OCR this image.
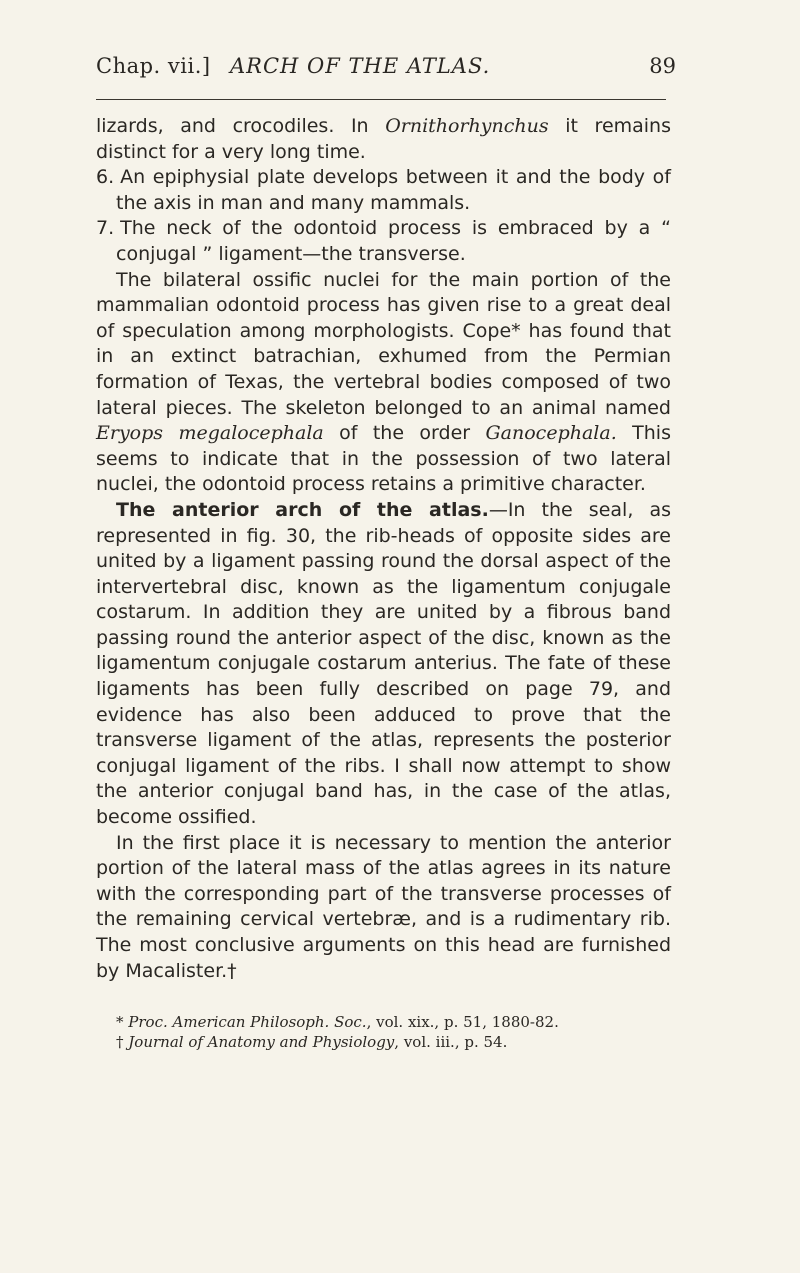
Chap. vii.] ARCH OF THE ATLAS.	89

lizards, and crocodiles. In Ornithorhynchus it remains distinct for a very long time.

6. An epiphysial plate develops between it and the body of the axis in man and many mammals.
7. The neck of the odontoid process is embraced by a “ conjugal ” ligament—the transverse.

The bilateral ossific nuclei for the main portion of the mammalian odontoid process has given rise to a great deal of speculation among morphologists. Cope* has found that in an extinct batrachian, exhumed from the Permian formation of Texas, the vertebral bodies composed of two lateral pieces. The skeleton belonged to an animal named Eryops megalocephala of the order Ganocephala. This seems to indicate that in the possession of two lateral nuclei, the odontoid process retains a primitive character.

The anterior arch of the atlas.—In the seal, as represented in fig. 30, the rib-heads of opposite sides are united by a ligament passing round the dorsal aspect of the intervertebral disc, known as the ligamentum conjugale costarum. In addition they are united by a fibrous band passing round the anterior aspect of the disc, known as the ligamentum conjugale costarum anterius. The fate of these ligaments has been fully described on page 79, and evidence has also been adduced to prove that the transverse ligament of the atlas, represents the posterior conjugal ligament of the ribs. I shall now attempt to show the anterior conjugal band has, in the case of the atlas, become ossified.

In the first place it is necessary to mention the anterior portion of the lateral mass of the atlas agrees in its nature with the corresponding part of the transverse processes of the remaining cervical vertebræ, and is a rudimentary rib. The most conclusive arguments on this head are furnished by Macalister.†

* Proc. American Philosoph. Soc., vol. xix., p. 51, 1880-82.
† Journal of Anatomy and Physiology, vol. iii., p. 54.
